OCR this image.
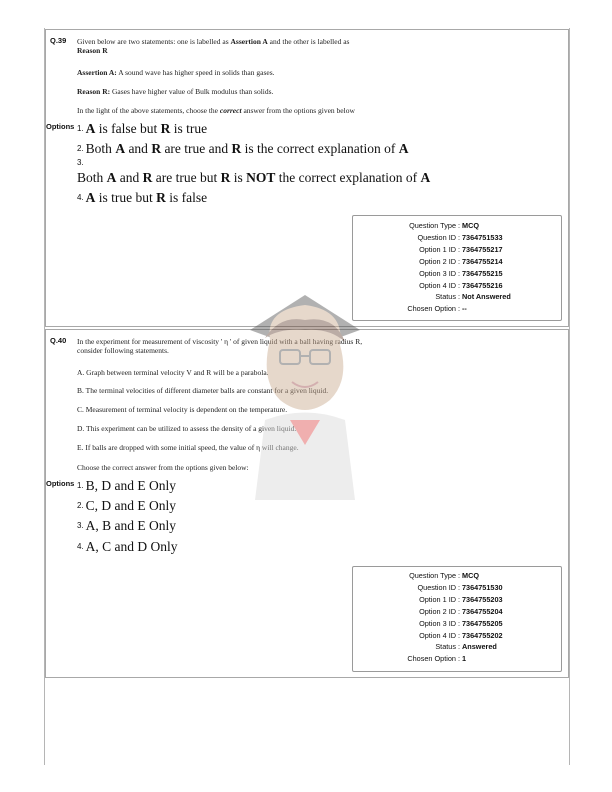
Q.39 Given below are two statements: one is labelled as Assertion A and the other is labelled as
Reason R
Assertion A: A sound wave has higher speed in solids than gases.
Reason R: Gases have higher value of Bulk modulus than solids.
In the light of the above statements, choose the correct answer from the options given below
Options 1. A is false but R is true
2. Both A and R are true and R is the correct explanation of A
3.
Both A and R are true but R is NOT the correct explanation of A
4. A is true but R is false
Question Type : MCQ
Question ID : 7364751533
Option 1 ID : 7364755217
Option 2 ID : 7364755214
Option 3 ID : 7364755215
Option 4 ID : 7364755216
Status : Not Answered
Chosen Option : --
Q.40 In the experiment for measurement of viscosity ' η ' of given liquid with a ball having radius R,
consider following statements.
A. Graph between terminal velocity V and R will be a parabola.
B. The terminal velocities of different diameter balls are constant for a given liquid.
C. Measurement of terminal velocity is dependent on the temperature.
D. This experiment can be utilized to assess the density of a given liquid.
E. If balls are dropped with some initial speed, the value of η will change.
Choose the correct answer from the options given below:
Options 1. B, D and E Only
2. C, D and E Only
3. A, B and E Only
4. A, C and D Only
Question Type : MCQ
Question ID : 7364751530
Option 1 ID : 7364755203
Option 2 ID : 7364755204
Option 3 ID : 7364755205
Option 4 ID : 7364755202
Status : Answered
Chosen Option : 1
